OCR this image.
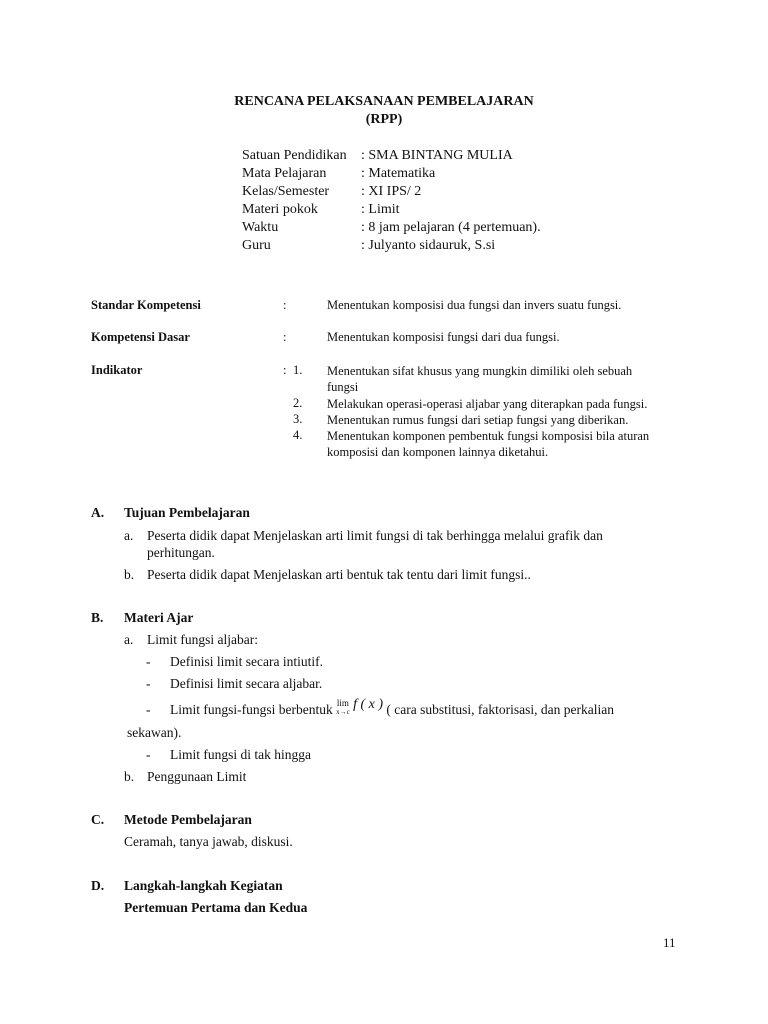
RENCANA PELAKSANAAN PEMBELAJARAN
(RPP)
Satuan Pendidikan : SMA BINTANG MULIA
Mata Pelajaran : Matematika
Kelas/Semester : XI IPS/ 2
Materi pokok	: Limit
Waktu	: 8 jam pelajaran (4 pertemuan).
Guru	: Julyanto sidauruk, S.si
Standar Kompetensi	:	Menentukan komposisi dua fungsi dan invers suatu fungsi.
Kompetensi Dasar	:	Menentukan komposisi fungsi dari dua fungsi.
Indikator	: 1. Menentukan sifat khusus yang mungkin dimiliki oleh sebuah
fungsi
2. Melakukan operasi-operasi aljabar yang diterapkan pada fungsi.
3. Menentukan rumus fungsi dari setiap fungsi yang diberikan.
4. Menentukan komponen pembentuk fungsi komposisi bila aturan
komposisi dan komponen lainnya diketahui.
A. Tujuan Pembelajaran
a. Peserta didik dapat Menjelaskan arti limit fungsi di tak berhingga melalui grafik dan
perhitungan.
b. Peserta didik dapat Menjelaskan arti bentuk tak tentu dari limit fungsi..
B. Materi Ajar
a. Limit fungsi aljabar:
- Definisi limit secara intiutif.
- Definisi limit secara aljabar.
- Limit fungsi-fungsi berbentuk lim
x→c f ( x ) ( cara substitusi, faktorisasi, dan perkalian
sekawan).
- Limit fungsi di tak hingga
b. Penggunaan Limit
C. Metode Pembelajaran
Ceramah, tanya jawab, diskusi.
D. Langkah-langkah Kegiatan
Pertemuan Pertama dan Kedua
11
